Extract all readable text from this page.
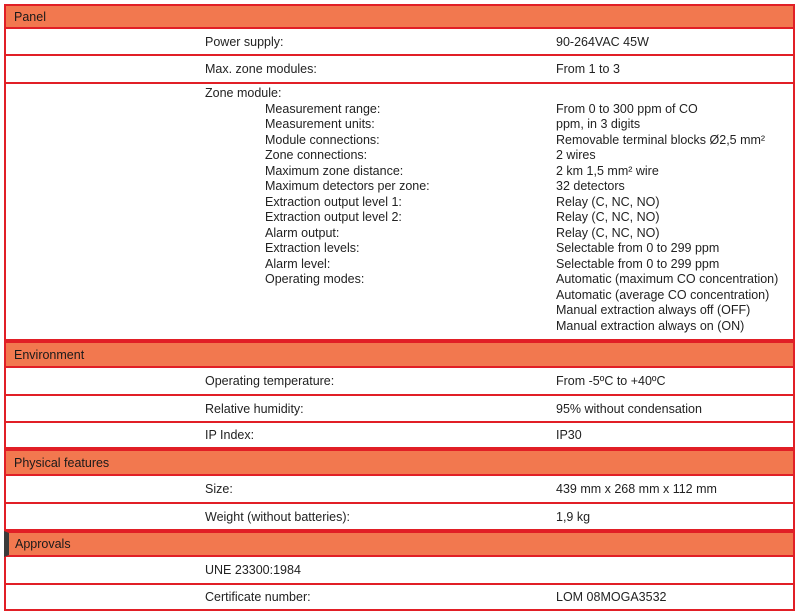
Panel
Power supply:	90-264VAC 45W
Max. zone modules:	From 1 to 3
Zone module:
Measurement range:	From 0 to 300 ppm of CO
Measurement units:	ppm, in 3 digits
Module connections:	Removable terminal blocks Ø2,5 mm²
Zone connections:	2 wires
Maximum zone distance:	2 km 1,5 mm² wire
Maximum detectors per zone:	32 detectors
Extraction output level 1:	Relay (C, NC, NO)
Extraction output level 2:	Relay (C, NC, NO)
Alarm output:	Relay (C, NC, NO)
Extraction levels:	Selectable from 0 to 299 ppm
Alarm level:	Selectable from 0 to 299 ppm
Operating modes:	Automatic (maximum CO concentration)
Automatic (average CO concentration)
Manual extraction always off (OFF)
Manual extraction always on (ON)
Environment
Operating temperature:	From -5ºC to +40ºC
Relative humidity:	95% without condensation
IP Index:	IP30
Physical features
Size:	439 mm x 268 mm x 112 mm
Weight (without batteries):	1,9 kg
Approvals
UNE 23300:1984
Certificate number:	LOM 08MOGA3532
